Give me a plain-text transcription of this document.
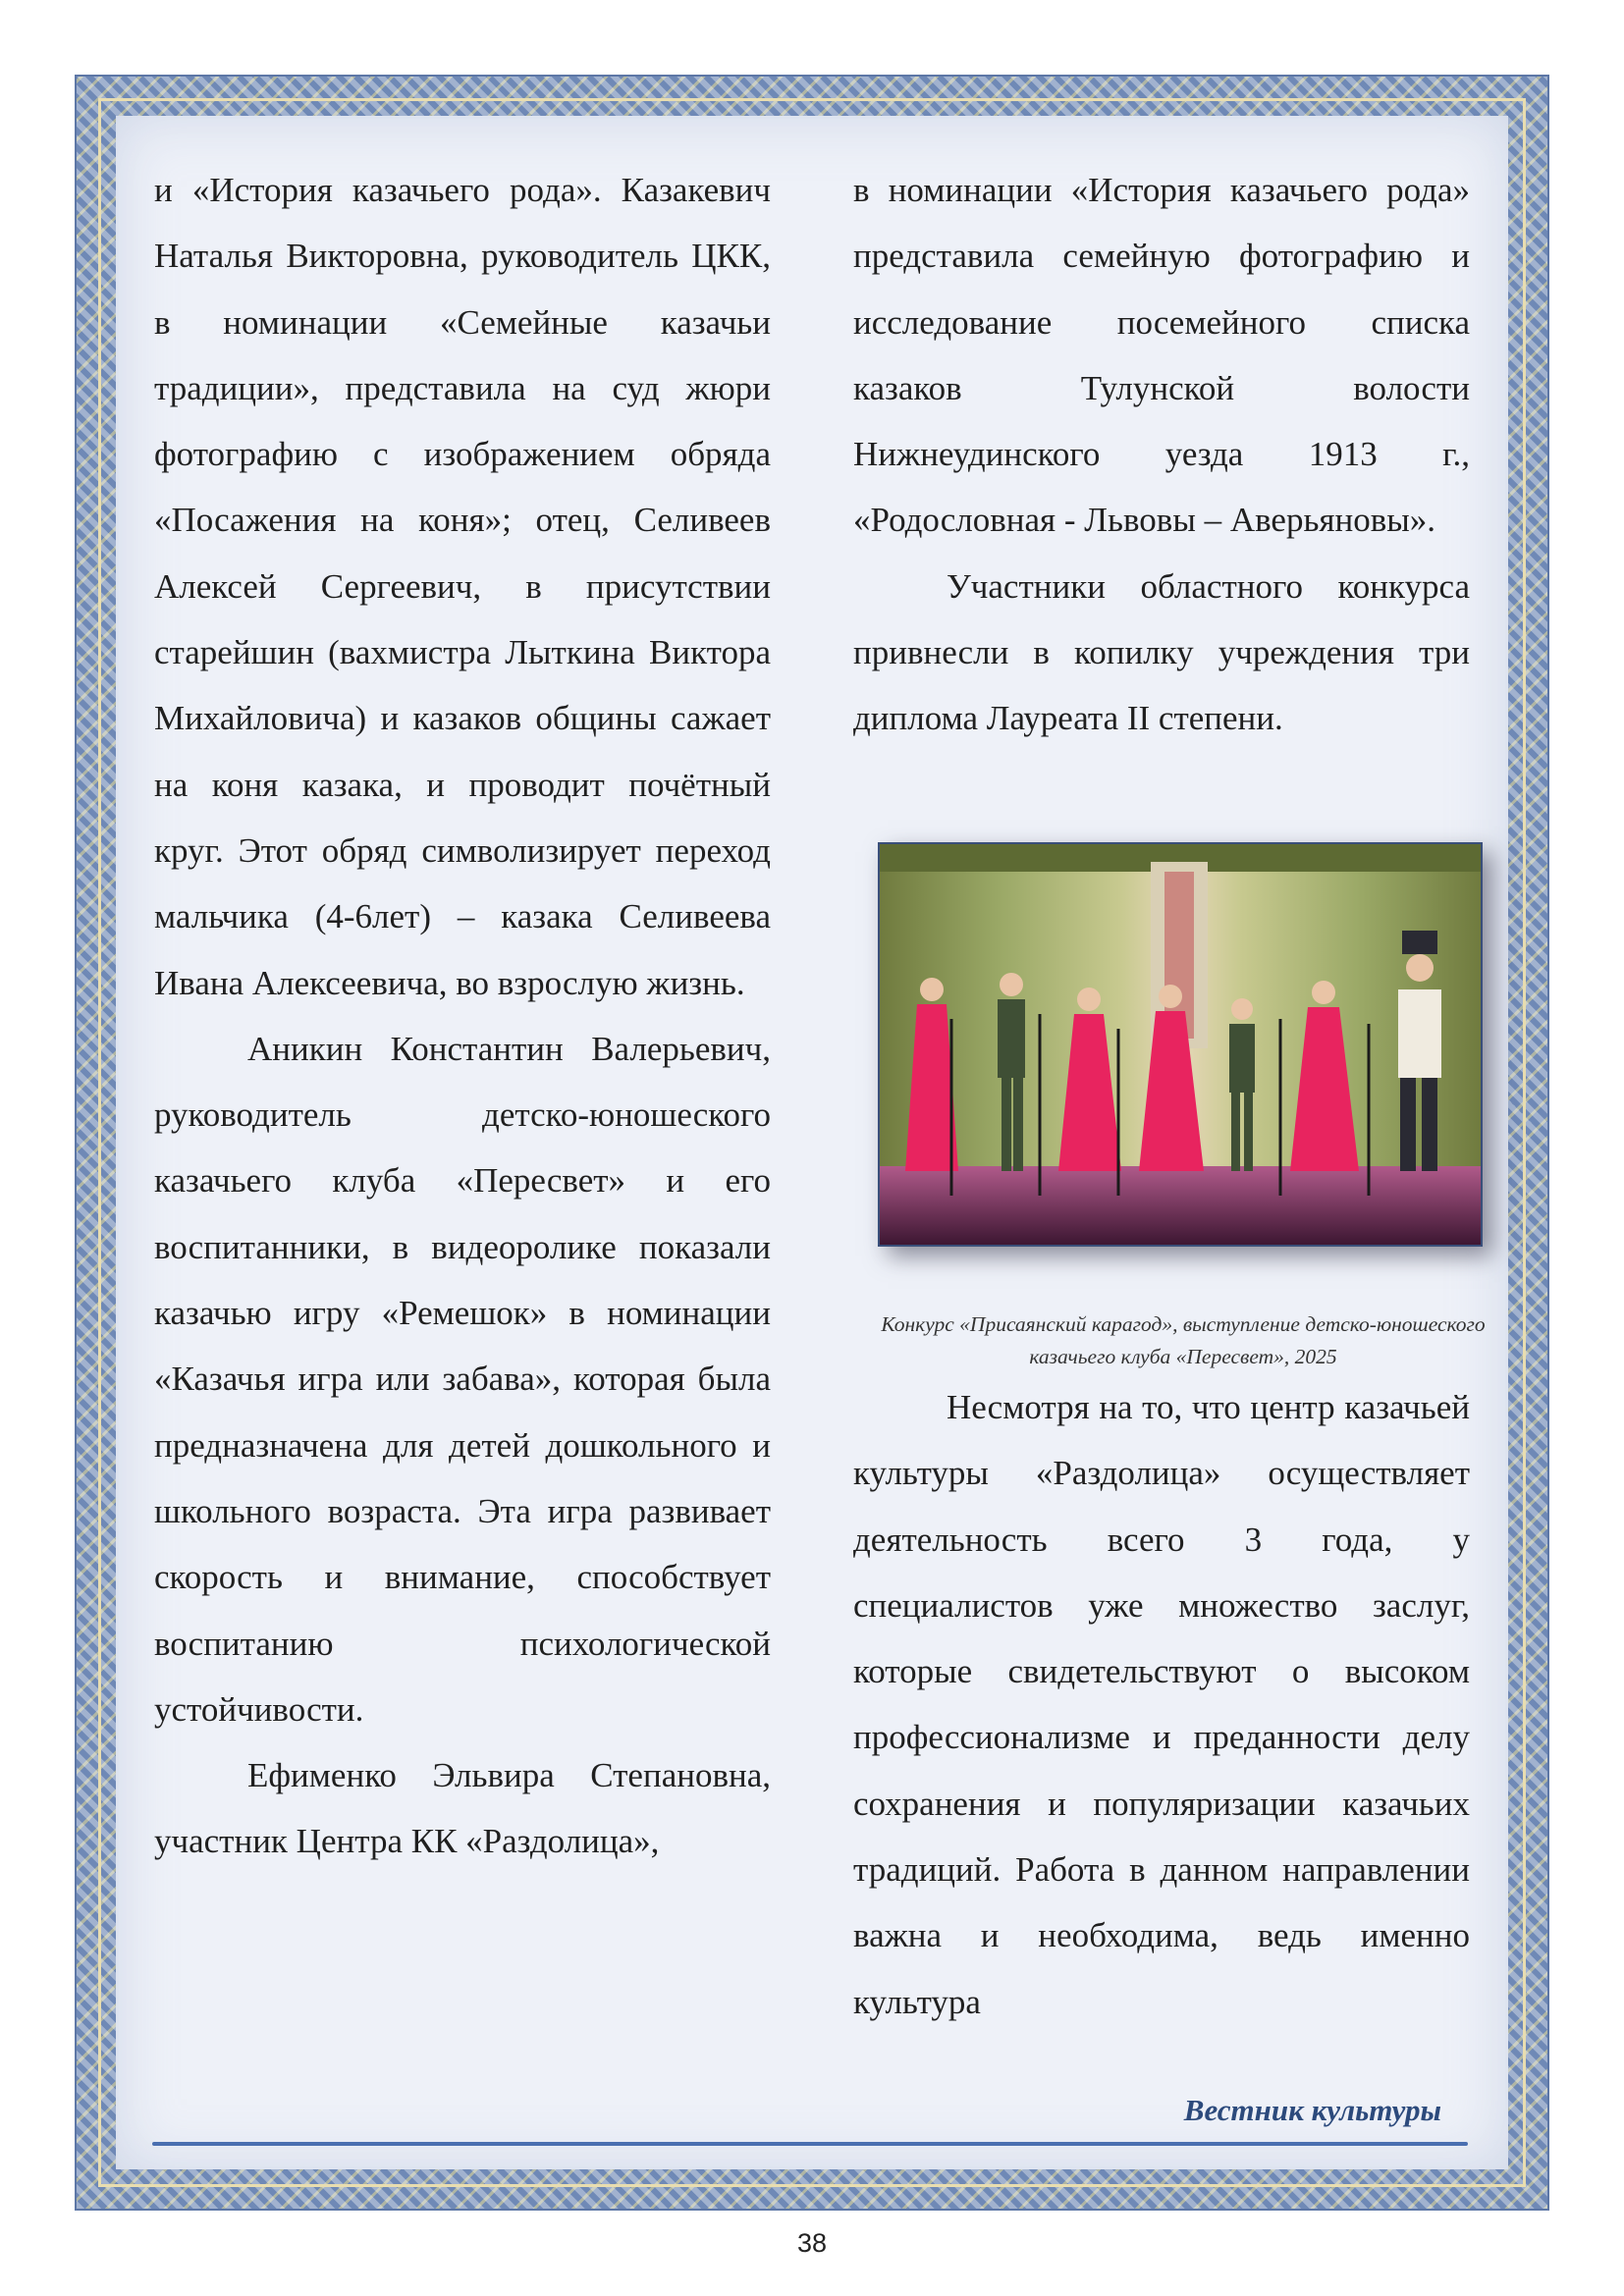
и «История казачьего рода». Казакевич Наталья Викторовна, руководитель ЦКК, в номинации «Семейные казачьи традиции», представила на суд жюри фотографию с изображением обряда «Посажения на коня»; отец, Селивеев Алексей Сергеевич, в присутствии старейшин (вахмистра Лыткина Виктора Михайловича) и казаков общины сажает на коня казака, и проводит почётный круг. Этот обряд символизирует переход мальчика (4-6лет) – казака Селивеева Ивана Алексеевича, во взрослую жизнь.

Аникин Константин Валерьевич, руководитель детско-юношеского казачьего клуба «Пересвет» и его воспитанники, в видеоролике показали казачью игру «Ремешок» в номинации «Казачья игра или забава», которая была предназначена для детей дошкольного и школьного возраста. Эта игра развивает скорость и внимание, способствует воспитанию психологической устойчивости.

Ефименко Эльвира Степановна, участник Центра КК «Раздолица»,

в номинации «История казачьего рода» представила семейную фотографию и исследование посемейного списка казаков Тулунской волости Нижнеудинского уезда 1913 г., «Родословная - Львовы – Аверьяновы».

Участники областного конкурса привнесли в копилку учреждения три диплома Лауреата II степени.

Конкурс «Присаянский карагод», выступление детско-юношеского казачьего клуба «Пересвет», 2025

Несмотря на то, что центр казачьей культуры «Раздолица» осуществляет деятельность всего 3 года, у специалистов уже множество заслуг, которые свидетельствуют о высоком профессионализме и преданности делу сохранения и популяризации казачьих традиций. Работа в данном направлении важна и необходима, ведь именно культура

Вестник культуры
38
